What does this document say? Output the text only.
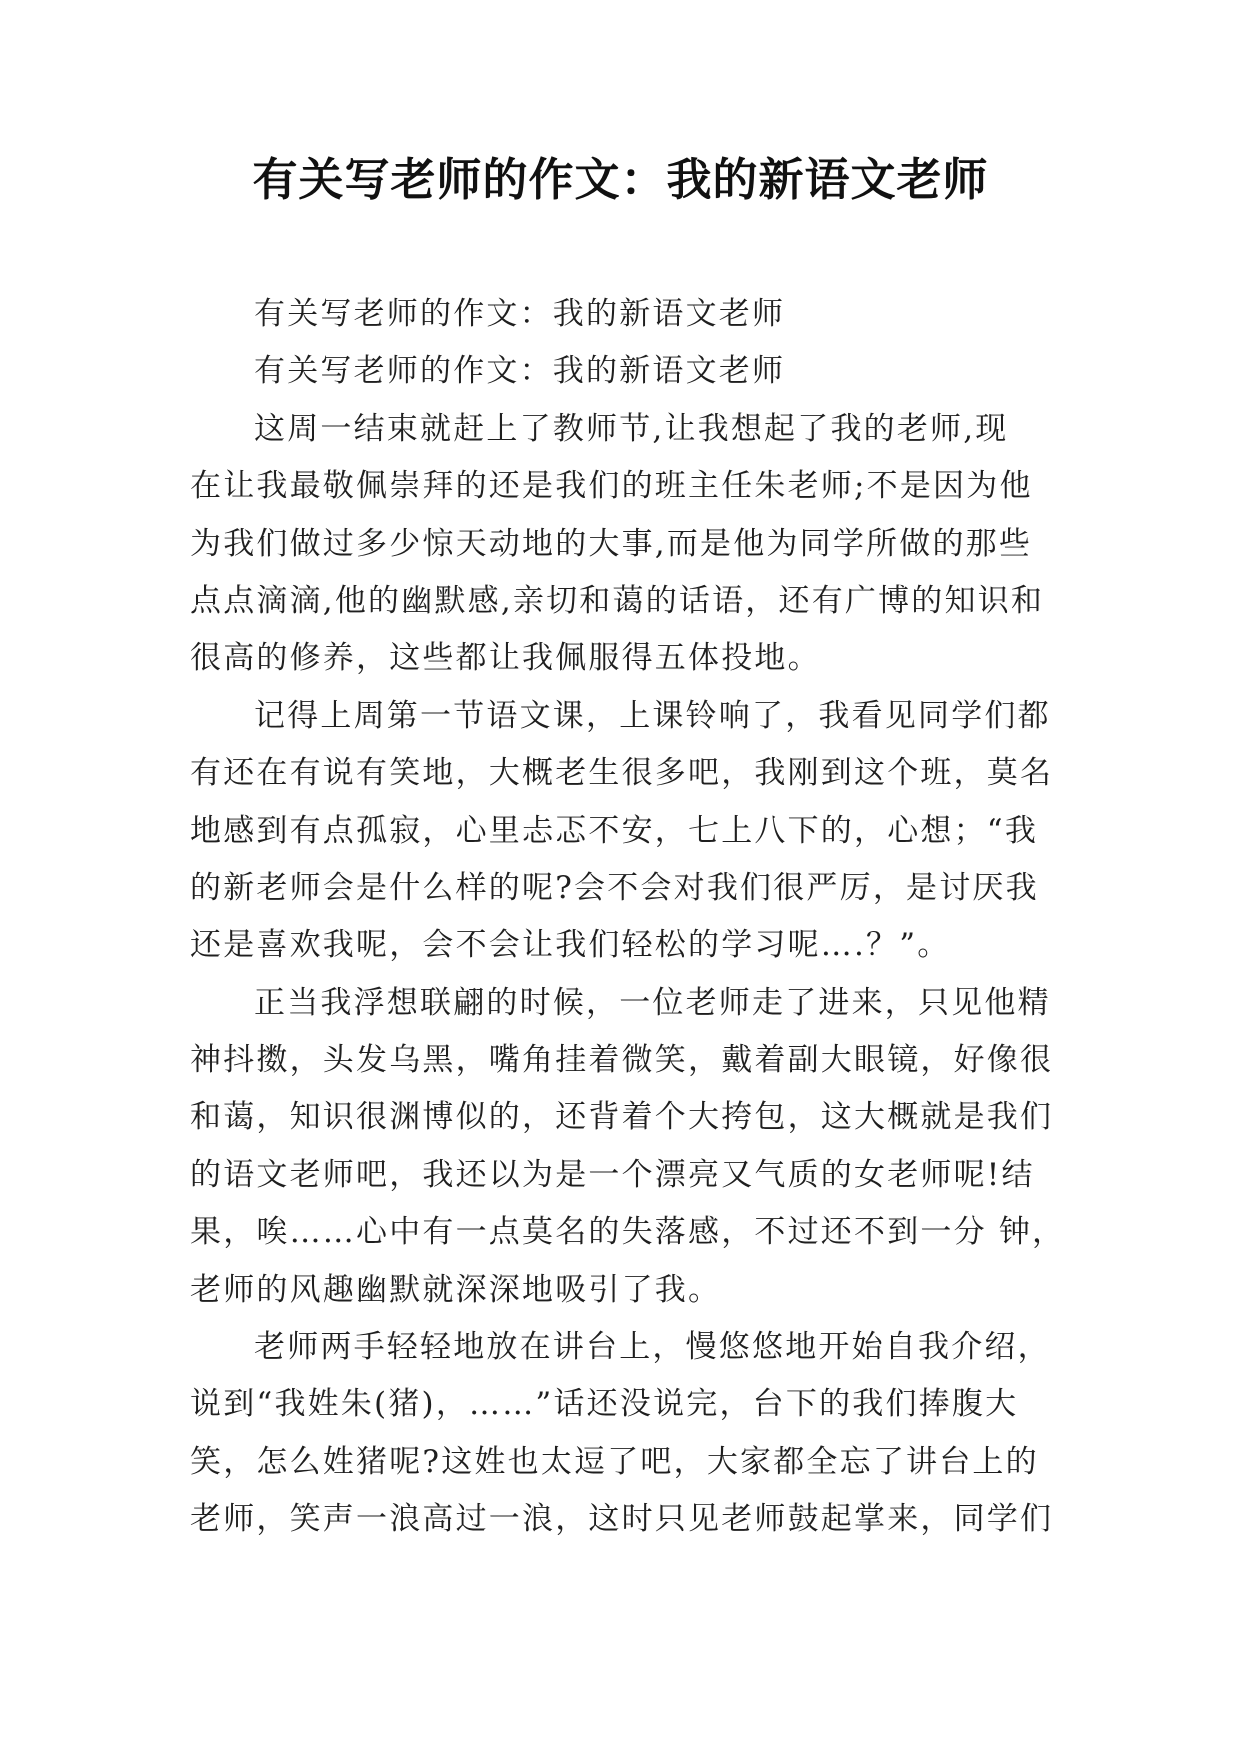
有关写老师的作文：我的新语文老师
有关写老师的作文：我的新语文老师
有关写老师的作文：我的新语文老师
这周一结束就赶上了教师节,让我想起了我的老师,现
在让我最敬佩崇拜的还是我们的班主任朱老师;不是因为他
为我们做过多少惊天动地的大事,而是他为同学所做的那些
点点滴滴,他的幽默感,亲切和蔼的话语，还有广博的知识和
很高的修养，这些都让我佩服得五体投地。
记得上周第一节语文课，上课铃响了，我看见同学们都
有还在有说有笑地，大概老生很多吧，我刚到这个班，莫名
地感到有点孤寂，心里忐忑不安，七上八下的，心想；“我
的新老师会是什么样的呢?会不会对我们很严厉，是讨厌我
还是喜欢我呢，会不会让我们轻松的学习呢….？”。
正当我浮想联翩的时候，一位老师走了进来，只见他精
神抖擞，头发乌黑，嘴角挂着微笑，戴着副大眼镜，好像很
和蔼，知识很渊博似的，还背着个大挎包，这大概就是我们
的语文老师吧，我还以为是一个漂亮又气质的女老师呢!结
果，唉……心中有一点莫名的失落感，不过还不到一分 钟，
老师的风趣幽默就深深地吸引了我。
老师两手轻轻地放在讲台上，慢悠悠地开始自我介绍，
说到“我姓朱(猪)，……”话还没说完，台下的我们捧腹大
笑，怎么姓猪呢?这姓也太逗了吧，大家都全忘了讲台上的
老师，笑声一浪高过一浪，这时只见老师鼓起掌来，同学们
